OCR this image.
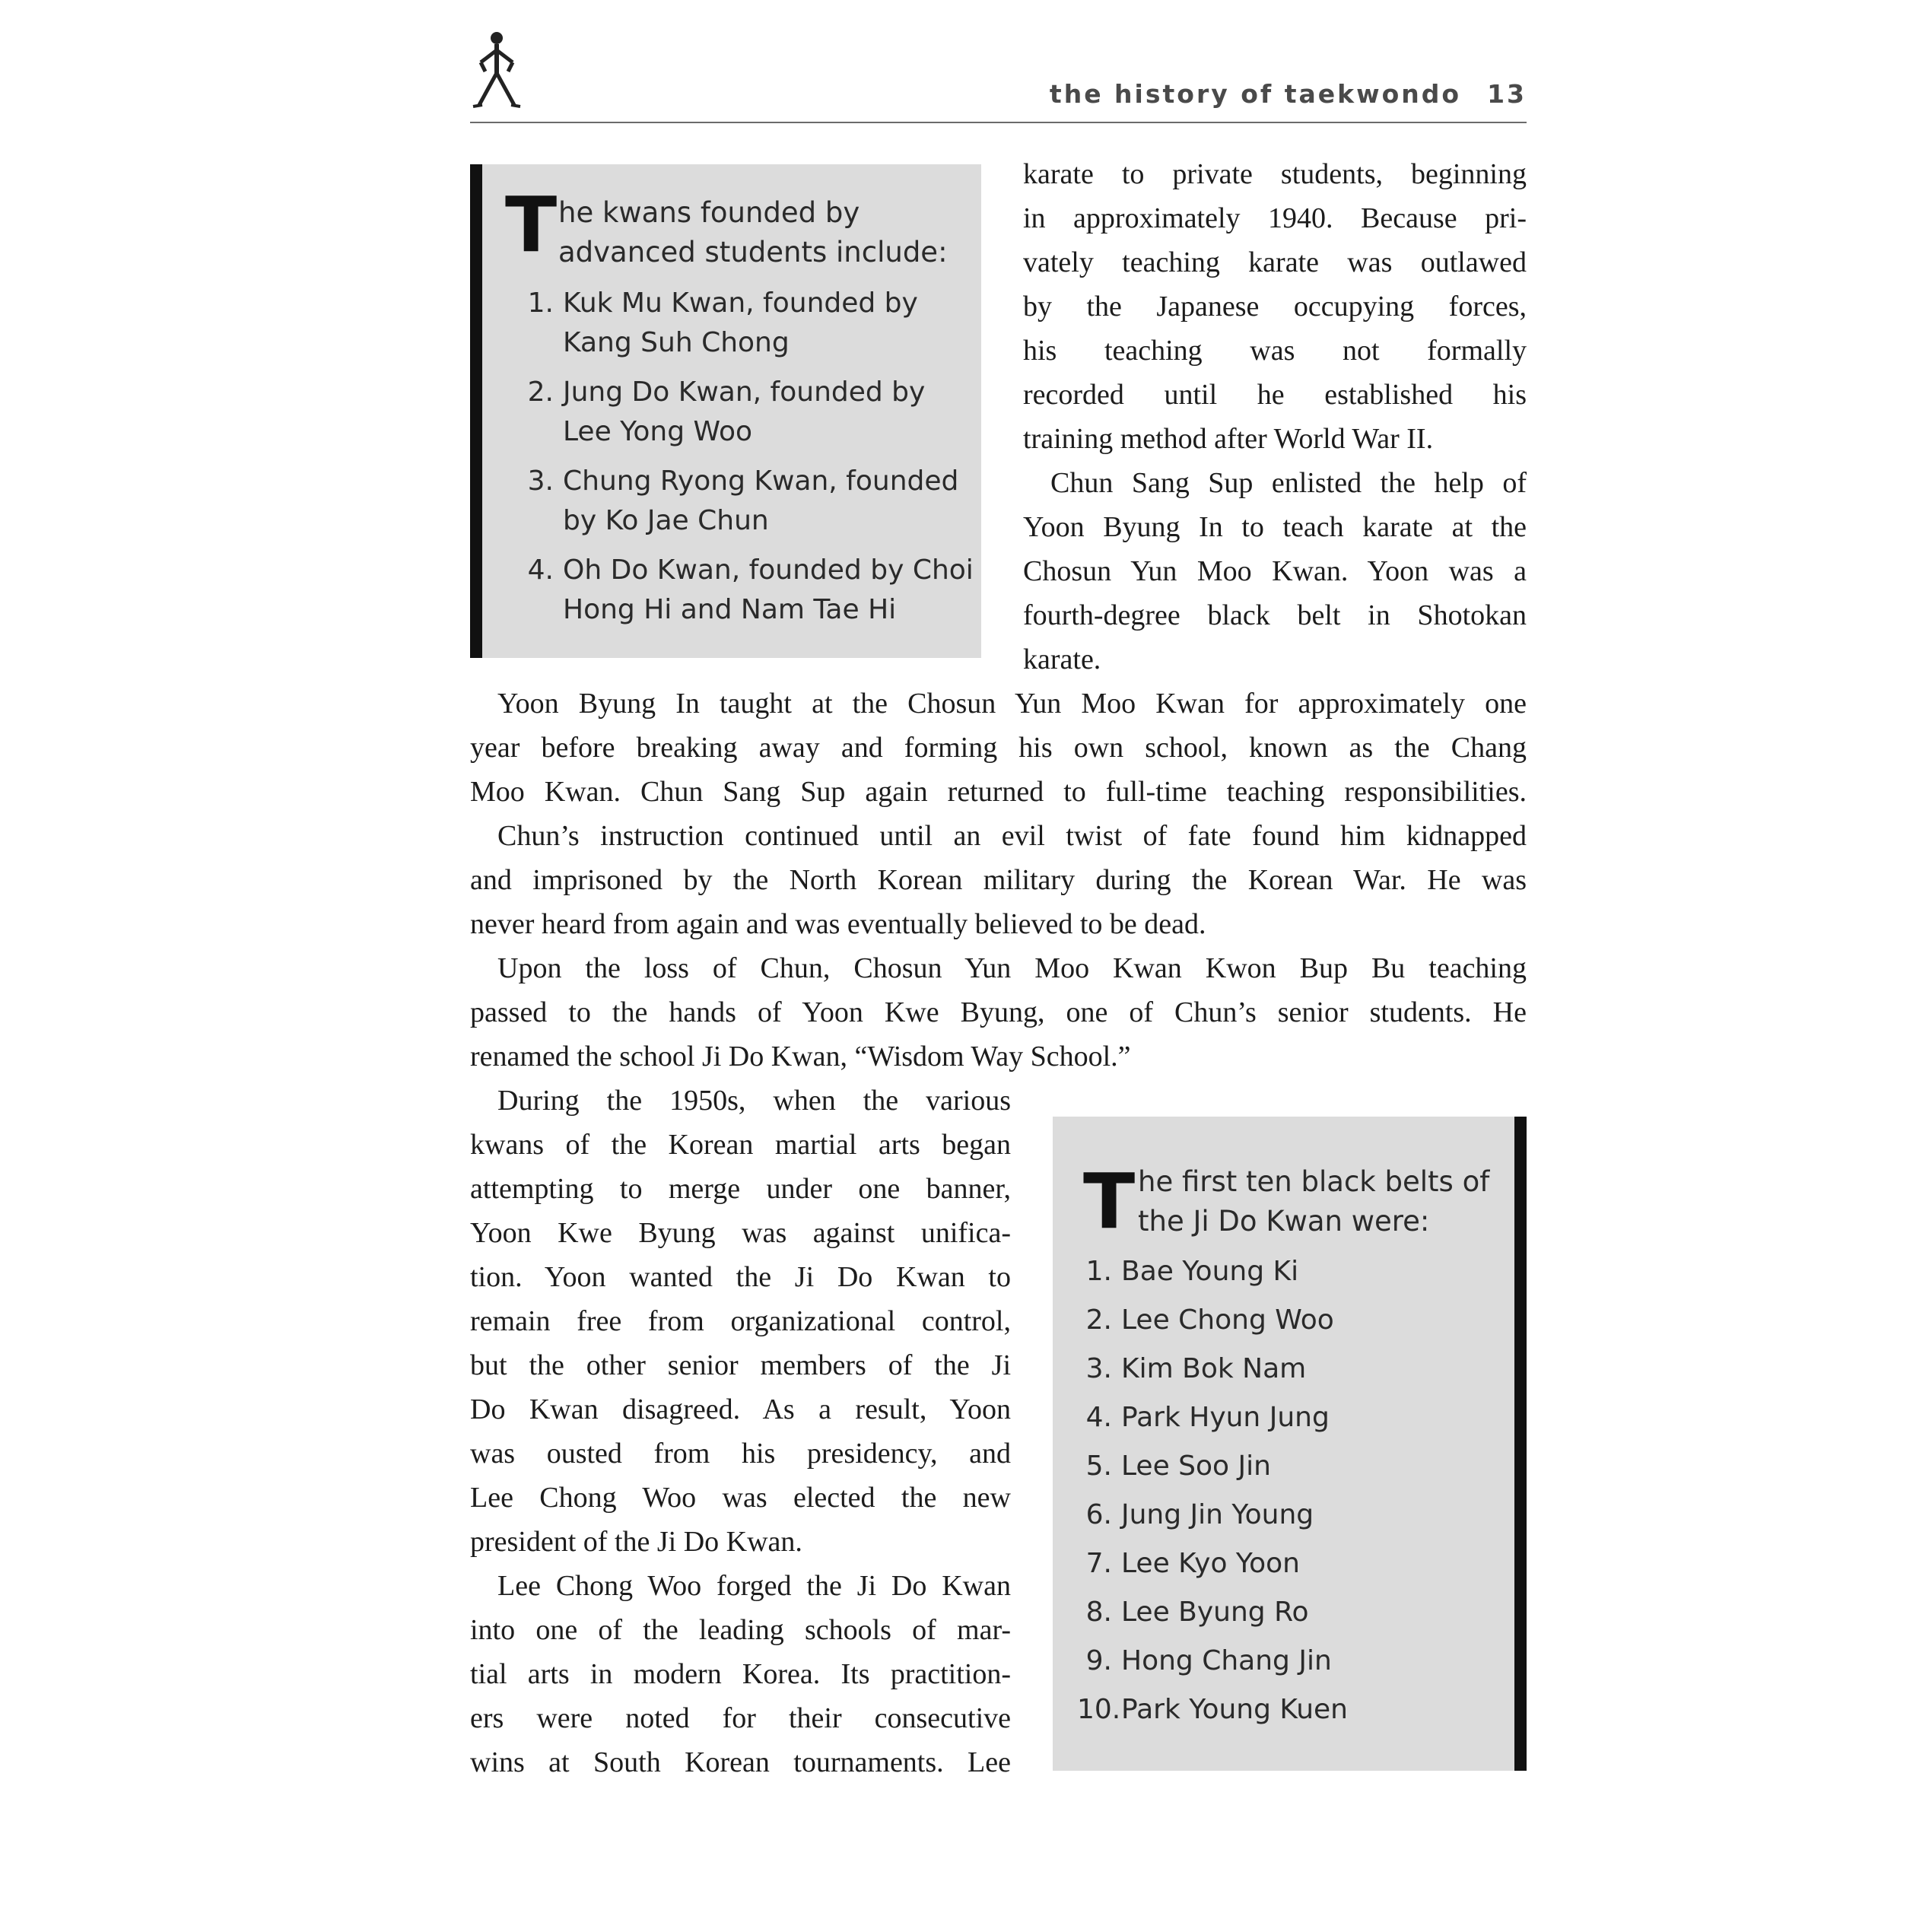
the history of taekwondo 13
T he kwans founded by
advanced students include:
1. Kuk Mu Kwan, founded by
Kang Suh Chong
2. Jung Do Kwan, founded by
Lee Yong Woo
3. Chung Ryong Kwan, founded
by Ko Jae Chun
4. Oh Do Kwan, founded by Choi
Hong Hi and Nam Tae Hi
karate to private students, beginning
in approximately 1940. Because pri-
vately teaching karate was outlawed
by the Japanese occupying forces,
his teaching was not formally
recorded until he established his
training method after World War II.
Chun Sang Sup enlisted the help of
Yoon Byung In to teach karate at the
Chosun Yun Moo Kwan. Yoon was a
fourth-degree black belt in Shotokan
karate.
Yoon Byung In taught at the Chosun Yun Moo Kwan for approximately one
year before breaking away and forming his own school, known as the Chang
Moo Kwan. Chun Sang Sup again returned to full-time teaching responsibilities.
Chun’s instruction continued until an evil twist of fate found him kidnapped
and imprisoned by the North Korean military during the Korean War. He was
never heard from again and was eventually believed to be dead.
Upon the loss of Chun, Chosun Yun Moo Kwan Kwon Bup Bu teaching
passed to the hands of Yoon Kwe Byung, one of Chun’s senior students. He
renamed the school Ji Do Kwan, “Wisdom Way School.”
During the 1950s, when the various
kwans of the Korean martial arts began
attempting to merge under one banner,
Yoon Kwe Byung was against unifica-
tion. Yoon wanted the Ji Do Kwan to
remain free from organizational control,
but the other senior members of the Ji
Do Kwan disagreed. As a result, Yoon
was ousted from his presidency, and
Lee Chong Woo was elected the new
president of the Ji Do Kwan.
Lee Chong Woo forged the Ji Do Kwan
into one of the leading schools of mar-
tial arts in modern Korea. Its practition-
ers were noted for their consecutive
wins at South Korean tournaments. Lee
T he first ten black belts of
the Ji Do Kwan were:
1. Bae Young Ki
2. Lee Chong Woo
3. Kim Bok Nam
4. Park Hyun Jung
5. Lee Soo Jin
6. Jung Jin Young
7. Lee Kyo Yoon
8. Lee Byung Ro
9. Hong Chang Jin
10.Park Young Kuen
